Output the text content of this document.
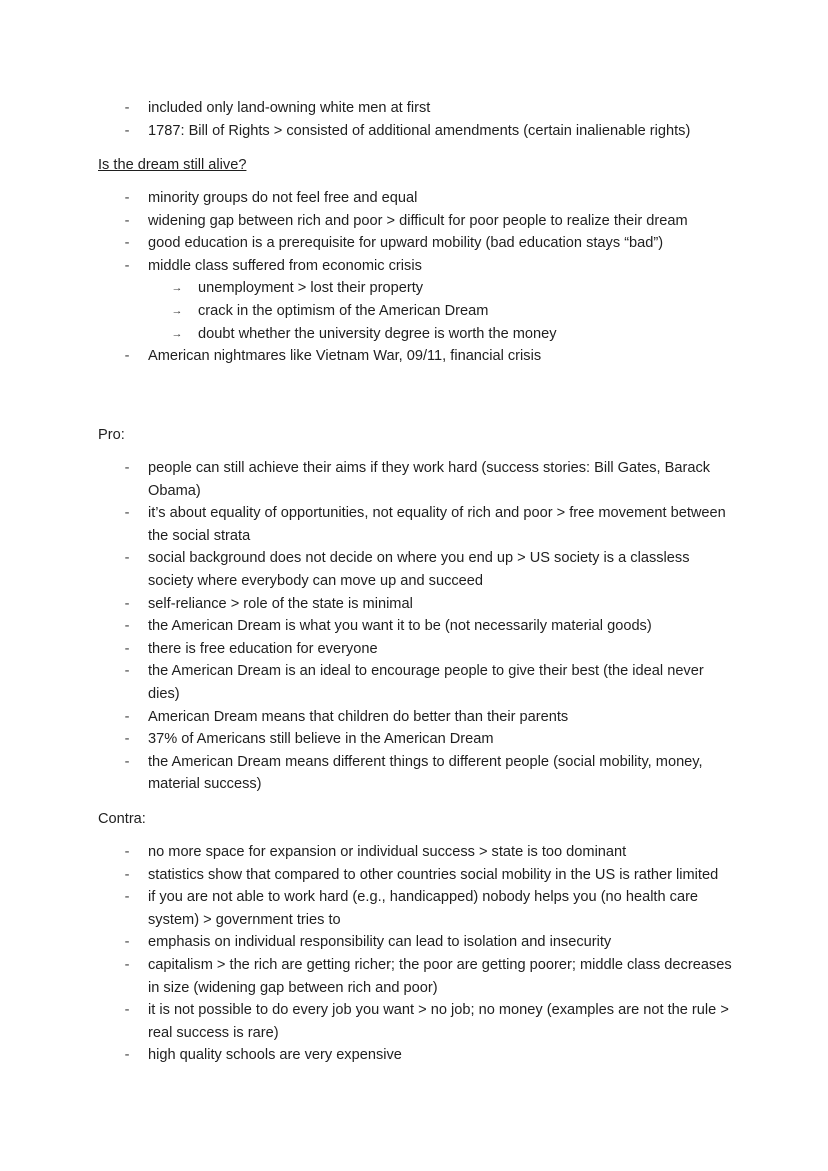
- included only land-owning white men at first
- 1787: Bill of Rights > consisted of additional amendments (certain inalienable rights)
Is the dream still alive?
- minority groups do not feel free and equal
- widening gap between rich and poor > difficult for poor people to realize their dream
- good education is a prerequisite for upward mobility (bad education stays “bad”)
- middle class suffered from economic crisis
→ unemployment > lost their property
→ crack in the optimism of the American Dream
→ doubt whether the university degree is worth the money
- American nightmares like Vietnam War, 09/11, financial crisis
Pro:
- people can still achieve their aims if they work hard (success stories: Bill Gates, Barack Obama)
- it’s about equality of opportunities, not equality of rich and poor > free movement between the social strata
- social background does not decide on where you end up > US society is a classless society where everybody can move up and succeed
- self-reliance > role of the state is minimal
- the American Dream is what you want it to be (not necessarily material goods)
- there is free education for everyone
- the American Dream is an ideal to encourage people to give their best (the ideal never dies)
- American Dream means that children do better than their parents
- 37% of Americans still believe in the American Dream
- the American Dream means different things to different people (social mobility, money, material success)
Contra:
- no more space for expansion or individual success > state is too dominant
- statistics show that compared to other countries social mobility in the US is rather limited
- if you are not able to work hard (e.g., handicapped) nobody helps you (no health care system) > government tries to
- emphasis on individual responsibility can lead to isolation and insecurity
- capitalism > the rich are getting richer; the poor are getting poorer; middle class decreases in size (widening gap between rich and poor)
- it is not possible to do every job you want > no job; no money (examples are not the rule > real success is rare)
- high quality schools are very expensive
